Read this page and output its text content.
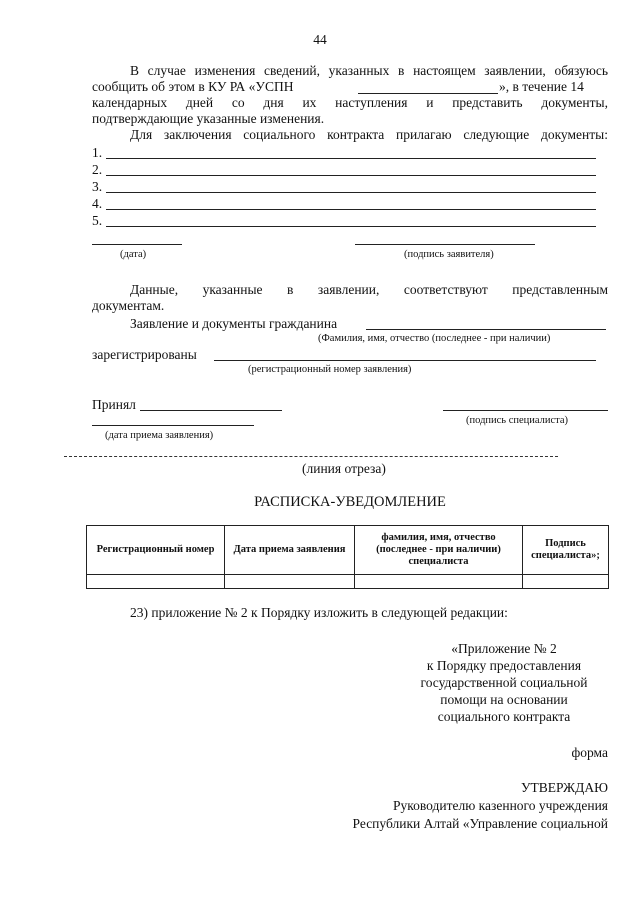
44
В случае изменения сведений, указанных в настоящем заявлении, обязуюсь
сообщить об этом в КУ РА «УСПН	», в течение 14
календарных дней со дня их наступления и представить документы,
подтверждающие указанные изменения.
Для заключения социального контракта прилагаю следующие документы:
1.
2.
3.
4.
5.
(дата)	(подпись заявителя)
Данные, указанные в заявлении, соответствуют представленным
документам.
Заявление и документы гражданина
(Фамилия, имя, отчество (последнее - при наличии)
зарегистрированы
(регистрационный номер заявления)
Принял
(подпись специалиста)
(дата приема заявления)
(линия отреза)
РАСПИСКА-УВЕДОМЛЕНИЕ
Регистрационный номер	Дата приема заявления	фамилия, имя, отчество (последнее - при наличии) специалиста	Подпись специалиста»;

23) приложение № 2 к Порядку изложить в следующей редакции:
«Приложение № 2
к Порядку предоставления
государственной социальной
помощи на основании
социального контракта
форма
УТВЕРЖДАЮ
Руководителю казенного учреждения
Республики Алтай «Управление социальной
